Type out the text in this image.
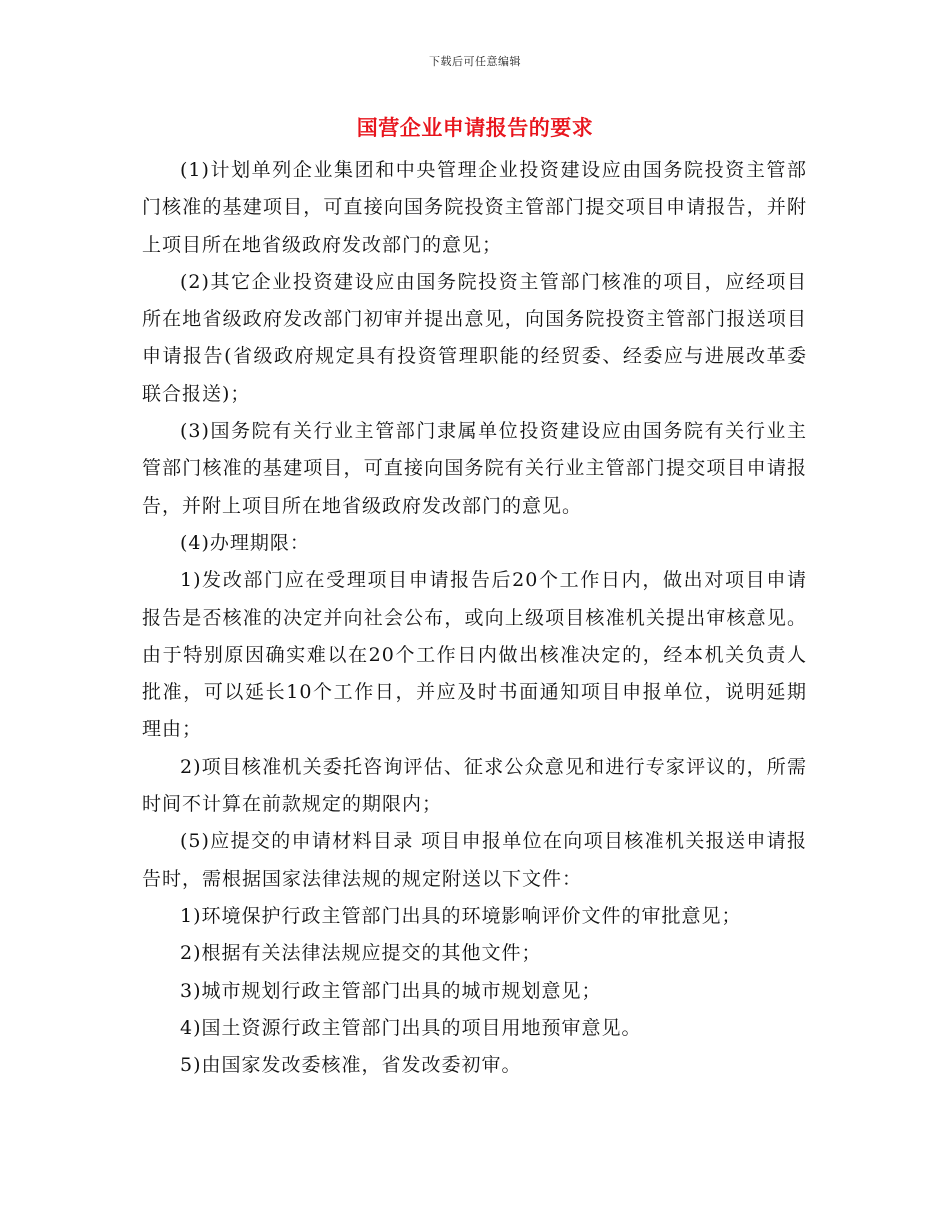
下载后可任意编辑
国营企业申请报告的要求

(1)计划单列企业集团和中央管理企业投资建设应由国务院投资主管部门核准的基建项目，可直接向国务院投资主管部门提交项目申请报告，并附上项目所在地省级政府发改部门的意见；

(2)其它企业投资建设应由国务院投资主管部门核准的项目，应经项目所在地省级政府发改部门初审并提出意见，向国务院投资主管部门报送项目申请报告(省级政府规定具有投资管理职能的经贸委、经委应与进展改革委联合报送)；

(3)国务院有关行业主管部门隶属单位投资建设应由国务院有关行业主管部门核准的基建项目，可直接向国务院有关行业主管部门提交项目申请报告，并附上项目所在地省级政府发改部门的意见。

(4)办理期限：

1)发改部门应在受理项目申请报告后20个工作日内，做出对项目申请报告是否核准的决定并向社会公布，或向上级项目核准机关提出审核意见。由于特别原因确实难以在20个工作日内做出核准决定的，经本机关负责人批准，可以延长10个工作日，并应及时书面通知项目申报单位，说明延期理由；

2)项目核准机关委托咨询评估、征求公众意见和进行专家评议的，所需时间不计算在前款规定的期限内；

(5)应提交的申请材料目录 项目申报单位在向项目核准机关报送申请报告时，需根据国家法律法规的规定附送以下文件：

1)环境保护行政主管部门出具的环境影响评价文件的审批意见；

2)根据有关法律法规应提交的其他文件；

3)城市规划行政主管部门出具的城市规划意见；

4)国土资源行政主管部门出具的项目用地预审意见。

5)由国家发改委核准，省发改委初审。
